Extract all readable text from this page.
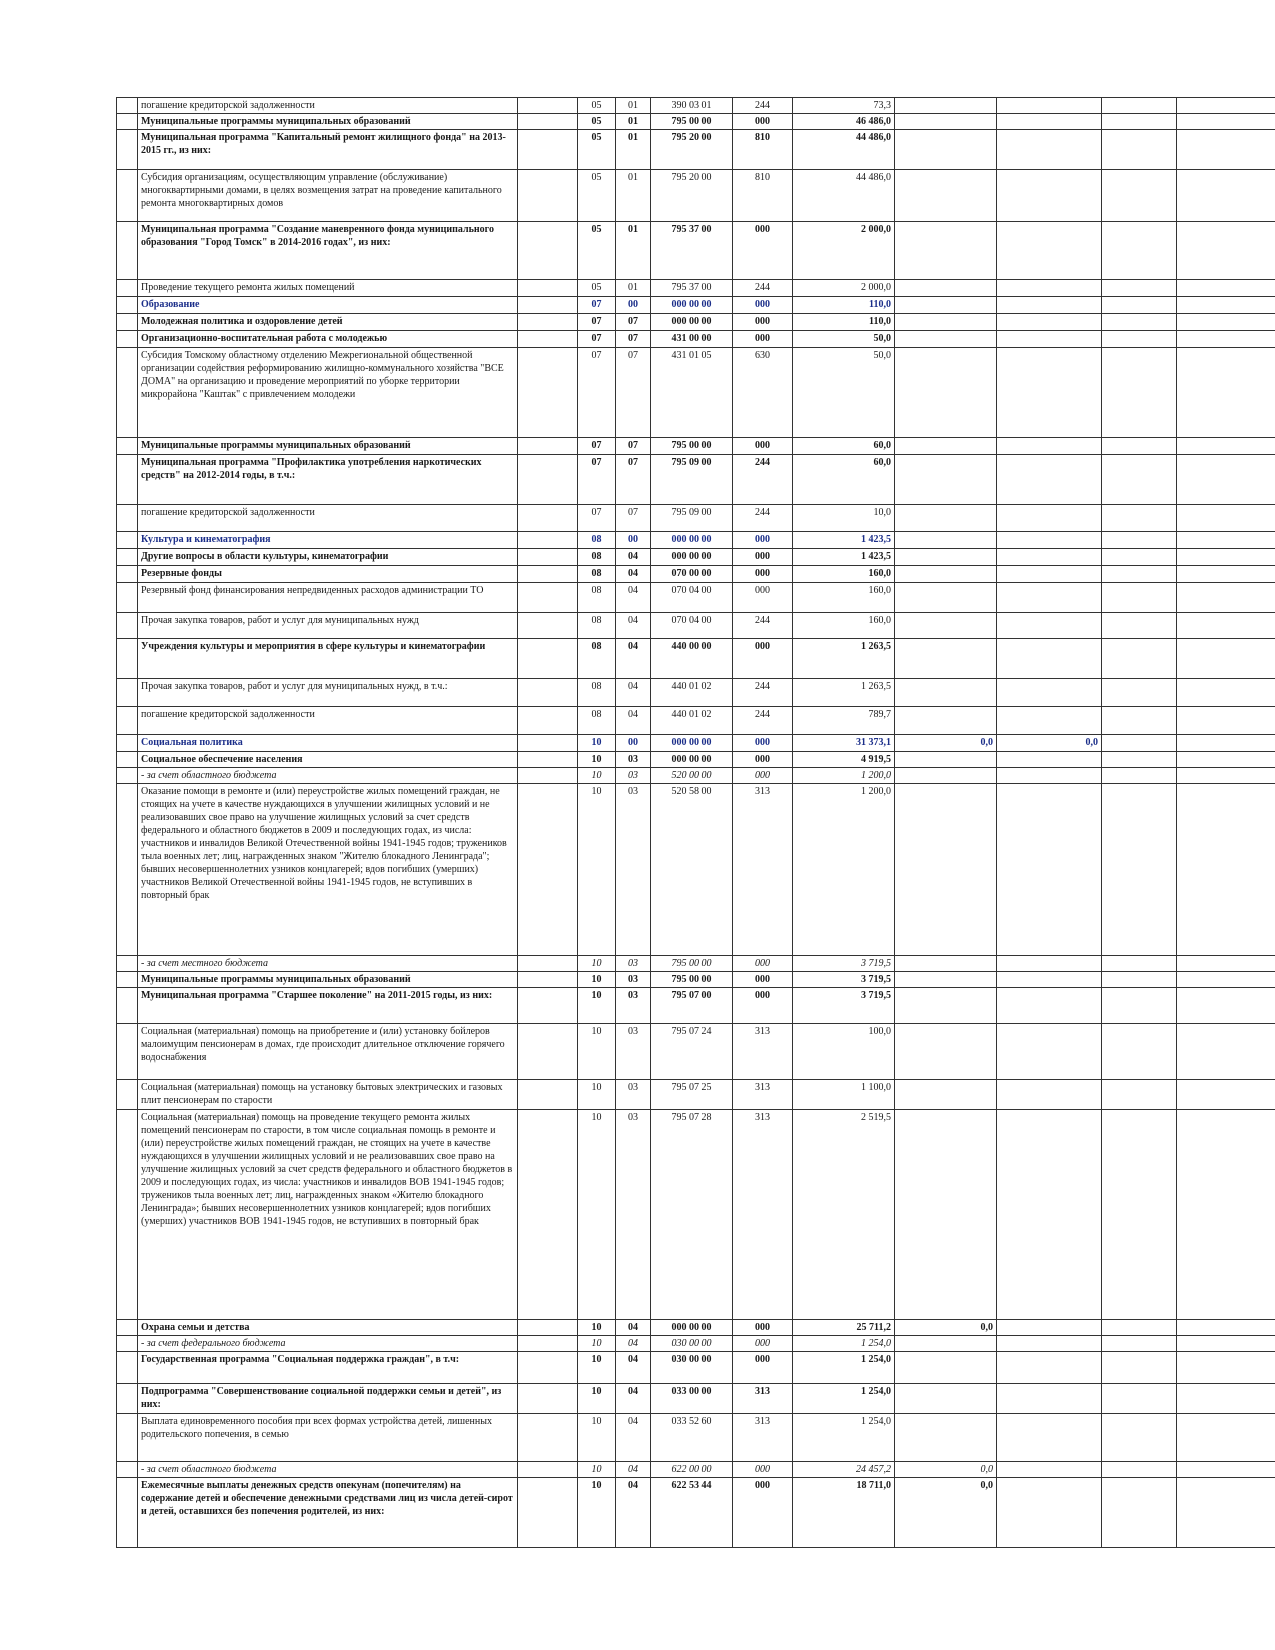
	погашение кредиторской задолженности		05	01	390 03 01	244	73,3				
	Муниципальные программы муниципальных образований		05	01	795 00 00	000	46 486,0				
	Муниципальная программа "Капитальный ремонт жилищного фонда" на 2013-2015 гг., из них:		05	01	795 20 00	810	44 486,0				
	Субсидия организациям, осуществляющим управление (обслуживание) многоквартирными домами, в целях возмещения затрат на проведение капитального ремонта многоквартирных домов		05	01	795 20 00	810	44 486,0				
	Муниципальная программа "Создание маневренного фонда муниципального образования "Город Томск" в 2014-2016 годах", из них:		05	01	795 37 00	000	2 000,0				
	Проведение текущего ремонта жилых помещений		05	01	795 37 00	244	2 000,0				
	Образование		07	00	000 00 00	000	110,0				
	Молодежная политика и оздоровление детей		07	07	000 00 00	000	110,0				
	Организационно-воспитательная работа с молодежью		07	07	431 00 00	000	50,0				
	Субсидия Томскому областному отделению Межрегиональной общественной организации содействия реформированию жилищно-коммунального хозяйства "ВСЕ ДОМА" на организацию и проведение мероприятий по уборке территории микрорайона "Каштак" с привлечением молодежи		07	07	431 01 05	630	50,0				
	Муниципальные программы муниципальных образований		07	07	795 00 00	000	60,0				
	Муниципальная программа "Профилактика употребления наркотических средств" на 2012-2014 годы, в т.ч.:		07	07	795 09 00	244	60,0				
	погашение кредиторской задолженности		07	07	795 09 00	244	10,0				
	Культура и кинематография		08	00	000 00 00	000	1 423,5				
	Другие вопросы в области культуры, кинематографии		08	04	000 00 00	000	1 423,5				
	Резервные фонды		08	04	070 00 00	000	160,0				
	Резервный фонд финансирования непредвиденных расходов администрации ТО		08	04	070 04 00	000	160,0				
	Прочая закупка товаров, работ и услуг для муниципальных нужд		08	04	070 04 00	244	160,0				
	Учреждения культуры и мероприятия в сфере культуры и кинематографии		08	04	440 00 00	000	1 263,5				
	Прочая закупка товаров, работ и услуг для муниципальных нужд, в т.ч.:		08	04	440 01 02	244	1 263,5				
	погашение кредиторской задолженности		08	04	440 01 02	244	789,7				
	Социальная политика		10	00	000 00 00	000	31 373,1	0,0	0,0		
	Социальное обеспечение населения		10	03	000 00 00	000	4 919,5				
	- за счет областного бюджета		10	03	520 00 00	000	1 200,0				
	Оказание помощи в ремонте и (или) переустройстве жилых помещений граждан, не стоящих на учете в качестве нуждающихся в улучшении жилищных условий и не реализовавших свое право на улучшение жилищных условий за счет средств федерального и областного бюджетов в 2009 и последующих годах, из числа: участников и инвалидов Великой Отечественной войны 1941-1945 годов; тружеников тыла военных лет; лиц, награжденных знаком "Жителю блокадного Ленинграда"; бывших несовершеннолетних узников концлагерей; вдов погибших (умерших) участников Великой Отечественной войны 1941-1945 годов, не вступивших в повторный брак		10	03	520 58 00	313	1 200,0				
	- за счет местного бюджета		10	03	795 00 00	000	3 719,5				
	Муниципальные программы муниципальных образований		10	03	795 00 00	000	3 719,5				
	Муниципальная программа "Старшее поколение" на 2011-2015 годы, из них:		10	03	795 07 00	000	3 719,5				
	Социальная (материальная) помощь на приобретение и (или) установку бойлеров малоимущим пенсионерам в домах, где происходит длительное отключение горячего водоснабжения		10	03	795 07 24	313	100,0				
	Социальная (материальная) помощь на установку бытовых электрических и газовых плит пенсионерам по старости		10	03	795 07 25	313	1 100,0				
	Социальная (материальная) помощь на проведение текущего ремонта жилых помещений пенсионерам по старости, в том числе социальная помощь в ремонте и (или) переустройстве жилых помещений граждан, не стоящих на учете в качестве нуждающихся в улучшении жилищных условий и не реализовавших свое право на улучшение жилищных условий за счет средств федерального и областного бюджетов в 2009 и последующих годах, из числа: участников и инвалидов ВОВ 1941-1945 годов; тружеников тыла военных лет; лиц, награжденных знаком «Жителю блокадного Ленинграда»; бывших несовершеннолетних узников концлагерей; вдов погибших (умерших) участников ВОВ 1941-1945 годов, не вступивших в повторный брак		10	03	795 07 28	313	2 519,5				
	Охрана семьи и детства		10	04	000 00 00	000	25 711,2	0,0			
	- за счет федерального бюджета		10	04	030 00 00	000	1 254,0				
	Государственная программа "Социальная поддержка граждан", в т.ч:		10	04	030 00 00	000	1 254,0				
	Подпрограмма "Совершенствование социальной поддержки семьи и детей", из них:		10	04	033 00 00	313	1 254,0				
	Выплата единовременного пособия при всех формах устройства детей, лишенных родительского попечения, в семью		10	04	033 52 60	313	1 254,0				
	- за счет областного бюджета		10	04	622 00 00	000	24 457,2	0,0			
	Ежемесячные выплаты денежных средств опекунам (попечителям) на содержание детей и обеспечение денежными средствами лиц из числа детей-сирот и детей, оставшихся без попечения родителей, из них:		10	04	622 53 44	000	18 711,0	0,0			
